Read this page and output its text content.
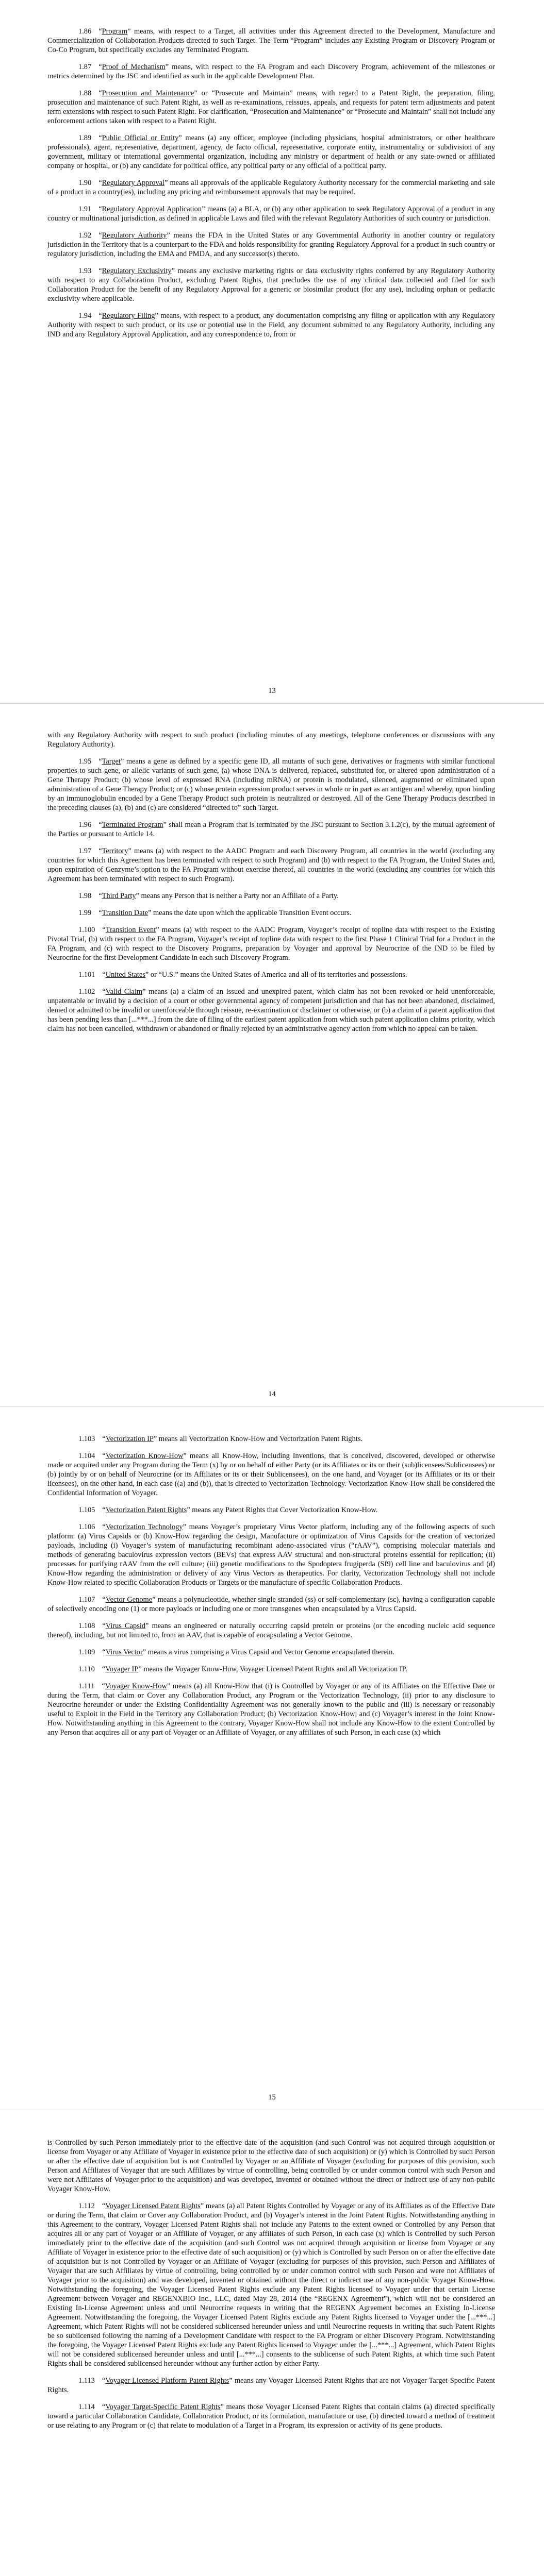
1.86 “Program” means, with respect to a Target, all activities under this Agreement directed to the Development, Manufacture and Commercialization of Collaboration Products directed to such Target. The Term “Program” includes any Existing Program or Discovery Program or Co-Co Program, but specifically excludes any Terminated Program.

1.87 “Proof of Mechanism” means, with respect to the FA Program and each Discovery Program, achievement of the milestones or metrics determined by the JSC and identified as such in the applicable Development Plan.

1.88 “Prosecution and Maintenance” or “Prosecute and Maintain” means, with regard to a Patent Right, the preparation, filing, prosecution and maintenance of such Patent Right, as well as re-examinations, reissues, appeals, and requests for patent term adjustments and patent term extensions with respect to such Patent Right. For clarification, “Prosecution and Maintenance” or “Prosecute and Maintain” shall not include any enforcement actions taken with respect to a Patent Right.

1.89 “Public Official or Entity” means (a) any officer, employee (including physicians, hospital administrators, or other healthcare professionals), agent, representative, department, agency, de facto official, representative, corporate entity, instrumentality or subdivision of any government, military or international governmental organization, including any ministry or department of health or any state-owned or affiliated company or hospital, or (b) any candidate for political office, any political party or any official of a political party.

1.90 “Regulatory Approval” means all approvals of the applicable Regulatory Authority necessary for the commercial marketing and sale of a product in a country(ies), including any pricing and reimbursement approvals that may be required.

1.91 “Regulatory Approval Application” means (a) a BLA, or (b) any other application to seek Regulatory Approval of a product in any country or multinational jurisdiction, as defined in applicable Laws and filed with the relevant Regulatory Authorities of such country or jurisdiction.

1.92 “Regulatory Authority” means the FDA in the United States or any Governmental Authority in another country or regulatory jurisdiction in the Territory that is a counterpart to the FDA and holds responsibility for granting Regulatory Approval for a product in such country or regulatory jurisdiction, including the EMA and PMDA, and any successor(s) thereto.

1.93 “Regulatory Exclusivity” means any exclusive marketing rights or data exclusivity rights conferred by any Regulatory Authority with respect to any Collaboration Product, excluding Patent Rights, that precludes the use of any clinical data collected and filed for such Collaboration Product for the benefit of any Regulatory Approval for a generic or biosimilar product (for any use), including orphan or pediatric exclusivity where applicable.

1.94 “Regulatory Filing” means, with respect to a product, any documentation comprising any filing or application with any Regulatory Authority with respect to such product, or its use or potential use in the Field, any document submitted to any Regulatory Authority, including any IND and any Regulatory Approval Application, and any correspondence to, from or

13

with any Regulatory Authority with respect to such product (including minutes of any meetings, telephone conferences or discussions with any Regulatory Authority).

1.95 “Target” means a gene as defined by a specific gene ID, all mutants of such gene, derivatives or fragments with similar functional properties to such gene, or allelic variants of such gene, (a) whose DNA is delivered, replaced, substituted for, or altered upon administration of a Gene Therapy Product; (b) whose level of expressed RNA (including mRNA) or protein is modulated, silenced, augmented or eliminated upon administration of a Gene Therapy Product; or (c) whose protein expression product serves in whole or in part as an antigen and whereby, upon binding by an immunoglobulin encoded by a Gene Therapy Product such protein is neutralized or destroyed. All of the Gene Therapy Products described in the preceding clauses (a), (b) and (c) are considered “directed to” such Target.

1.96 “Terminated Program” shall mean a Program that is terminated by the JSC pursuant to Section 3.1.2(c), by the mutual agreement of the Parties or pursuant to Article 14.

1.97 “Territory” means (a) with respect to the AADC Program and each Discovery Program, all countries in the world (excluding any countries for which this Agreement has been terminated with respect to such Program) and (b) with respect to the FA Program, the United States and, upon expiration of Genzyme’s option to the FA Program without exercise thereof, all countries in the world (excluding any countries for which this Agreement has been terminated with respect to such Program).

1.98 “Third Party” means any Person that is neither a Party nor an Affiliate of a Party.

1.99 “Transition Date” means the date upon which the applicable Transition Event occurs.

1.100 “Transition Event” means (a) with respect to the AADC Program, Voyager’s receipt of topline data with respect to the Existing Pivotal Trial, (b) with respect to the FA Program, Voyager’s receipt of topline data with respect to the first Phase 1 Clinical Trial for a Product in the FA Program, and (c) with respect to the Discovery Programs, preparation by Voyager and approval by Neurocrine of the IND to be filed by Neurocrine for the first Development Candidate in each such Discovery Program.

1.101 “United States” or “U.S.” means the United States of America and all of its territories and possessions.

1.102 “Valid Claim” means (a) a claim of an issued and unexpired patent, which claim has not been revoked or held unenforceable, unpatentable or invalid by a decision of a court or other governmental agency of competent jurisdiction and that has not been abandoned, disclaimed, denied or admitted to be invalid or unenforceable through reissue, re-examination or disclaimer or otherwise, or (b) a claim of a patent application that has been pending less than [...***...] from the date of filing of the earliest patent application from which such patent application claims priority, which claim has not been cancelled, withdrawn or abandoned or finally rejected by an administrative agency action from which no appeal can be taken.

14

1.103 “Vectorization IP” means all Vectorization Know-How and Vectorization Patent Rights.

1.104 “Vectorization Know-How” means all Know-How, including Inventions, that is conceived, discovered, developed or otherwise made or acquired under any Program during the Term (x) by or on behalf of either Party (or its Affiliates or its or their (sub)licensees/Sublicensees) or (b) jointly by or on behalf of Neurocrine (or its Affiliates or its or their Sublicensees), on the one hand, and Voyager (or its Affiliates or its or their licensees), on the other hand, in each case ((a) and (b)), that is directed to Vectorization Technology. Vectorization Know-How shall be considered the Confidential Information of Voyager.

1.105 “Vectorization Patent Rights” means any Patent Rights that Cover Vectorization Know-How.

1.106 “Vectorization Technology” means Voyager’s proprietary Virus Vector platform, including any of the following aspects of such platform: (a) Virus Capsids or (b) Know-How regarding the design, Manufacture or optimization of Virus Capsids for the creation of vectorized payloads, including (i) Voyager’s system of manufacturing recombinant adeno-associated virus (“rAAV”), comprising molecular materials and methods of generating baculovirus expression vectors (BEVs) that express AAV structural and non-structural proteins essential for replication; (ii) processes for purifying rAAV from the cell culture; (iii) genetic modifications to the Spodoptera frugiperda (Sf9) cell line and baculovirus and (d) Know-How regarding the administration or delivery of any Virus Vectors as therapeutics. For clarity, Vectorization Technology shall not include Know-How related to specific Collaboration Products or Targets or the manufacture of specific Collaboration Products.

1.107 “Vector Genome” means a polynucleotide, whether single stranded (ss) or self-complementary (sc), having a configuration capable of selectively encoding one (1) or more payloads or including one or more transgenes when encapsulated by a Virus Capsid.

1.108 “Virus Capsid” means an engineered or naturally occurring capsid protein or proteins (or the encoding nucleic acid sequence thereof), including, but not limited to, from an AAV, that is capable of encapsulating a Vector Genome.

1.109 “Virus Vector” means a virus comprising a Virus Capsid and Vector Genome encapsulated therein.

1.110 “Voyager IP” means the Voyager Know-How, Voyager Licensed Patent Rights and all Vectorization IP.

1.111 “Voyager Know-How” means (a) all Know-How that (i) is Controlled by Voyager or any of its Affiliates on the Effective Date or during the Term, that claim or Cover any Collaboration Product, any Program or the Vectorization Technology, (ii) prior to any disclosure to Neurocrine hereunder or under the Existing Confidentiality Agreement was not generally known to the public and (iii) is necessary or reasonably useful to Exploit in the Field in the Territory any Collaboration Product; (b) Vectorization Know-How; and (c) Voyager’s interest in the Joint Know-How. Notwithstanding anything in this Agreement to the contrary, Voyager Know-How shall not include any Know-How to the extent Controlled by any Person that acquires all or any part of Voyager or an Affiliate of Voyager, or any affiliates of such Person, in each case (x) which

15

is Controlled by such Person immediately prior to the effective date of the acquisition (and such Control was not acquired through acquisition or license from Voyager or any Affiliate of Voyager in existence prior to the effective date of such acquisition) or (y) which is Controlled by such Person or after the effective date of acquisition but is not Controlled by Voyager or an Affiliate of Voyager (excluding for purposes of this provision, such Person and Affiliates of Voyager that are such Affiliates by virtue of controlling, being controlled by or under common control with such Person and were not Affiliates of Voyager prior to the acquisition) and was developed, invented or obtained without the direct or indirect use of any non-public Voyager Know-How.

1.112 “Voyager Licensed Patent Rights” means (a) all Patent Rights Controlled by Voyager or any of its Affiliates as of the Effective Date or during the Term, that claim or Cover any Collaboration Product, and (b) Voyager’s interest in the Joint Patent Rights. Notwithstanding anything in this Agreement to the contrary, Voyager Licensed Patent Rights shall not include any Patents to the extent owned or Controlled by any Person that acquires all or any part of Voyager or an Affiliate of Voyager, or any affiliates of such Person, in each case (x) which is Controlled by such Person immediately prior to the effective date of the acquisition (and such Control was not acquired through acquisition or license from Voyager or any Affiliate of Voyager in existence prior to the effective date of such acquisition) or (y) which is Controlled by such Person on or after the effective date of acquisition but is not Controlled by Voyager or an Affiliate of Voyager (excluding for purposes of this provision, such Person and Affiliates of Voyager that are such Affiliates by virtue of controlling, being controlled by or under common control with such Person and were not Affiliates of Voyager prior to the acquisition) and was developed, invented or obtained without the direct or indirect use of any non-public Voyager Know-How. Notwithstanding the foregoing, the Voyager Licensed Patent Rights exclude any Patent Rights licensed to Voyager under that certain License Agreement between Voyager and REGENXBIO Inc., LLC, dated May 28, 2014 (the “REGENX Agreement”), which will not be considered an Existing In-License Agreement unless and until Neurocrine requests in writing that the REGENX Agreement becomes an Existing In-License Agreement. Notwithstanding the foregoing, the Voyager Licensed Patent Rights exclude any Patent Rights licensed to Voyager under the [...***...] Agreement, which Patent Rights will not be considered sublicensed hereunder unless and until Neurocrine requests in writing that such Patent Rights be so sublicensed following the naming of a Development Candidate with respect to the FA Program or either Discovery Program. Notwithstanding the foregoing, the Voyager Licensed Patent Rights exclude any Patent Rights licensed to Voyager under the [...***...] Agreement, which Patent Rights will not be considered sublicensed hereunder unless and until [...***...] consents to the sublicense of such Patent Rights, at which time such Patent Rights shall be considered sublicensed hereunder without any further action by either Party.

1.113 “Voyager Licensed Platform Patent Rights” means any Voyager Licensed Patent Rights that are not Voyager Target-Specific Patent Rights.

1.114 “Voyager Target-Specific Patent Rights” means those Voyager Licensed Patent Rights that contain claims (a) directed specifically toward a particular Collaboration Candidate, Collaboration Product, or its formulation, manufacture or use, (b) directed toward a method of treatment or use relating to any Program or (c) that relate to modulation of a Target in a Program, its expression or activity of its gene products.
